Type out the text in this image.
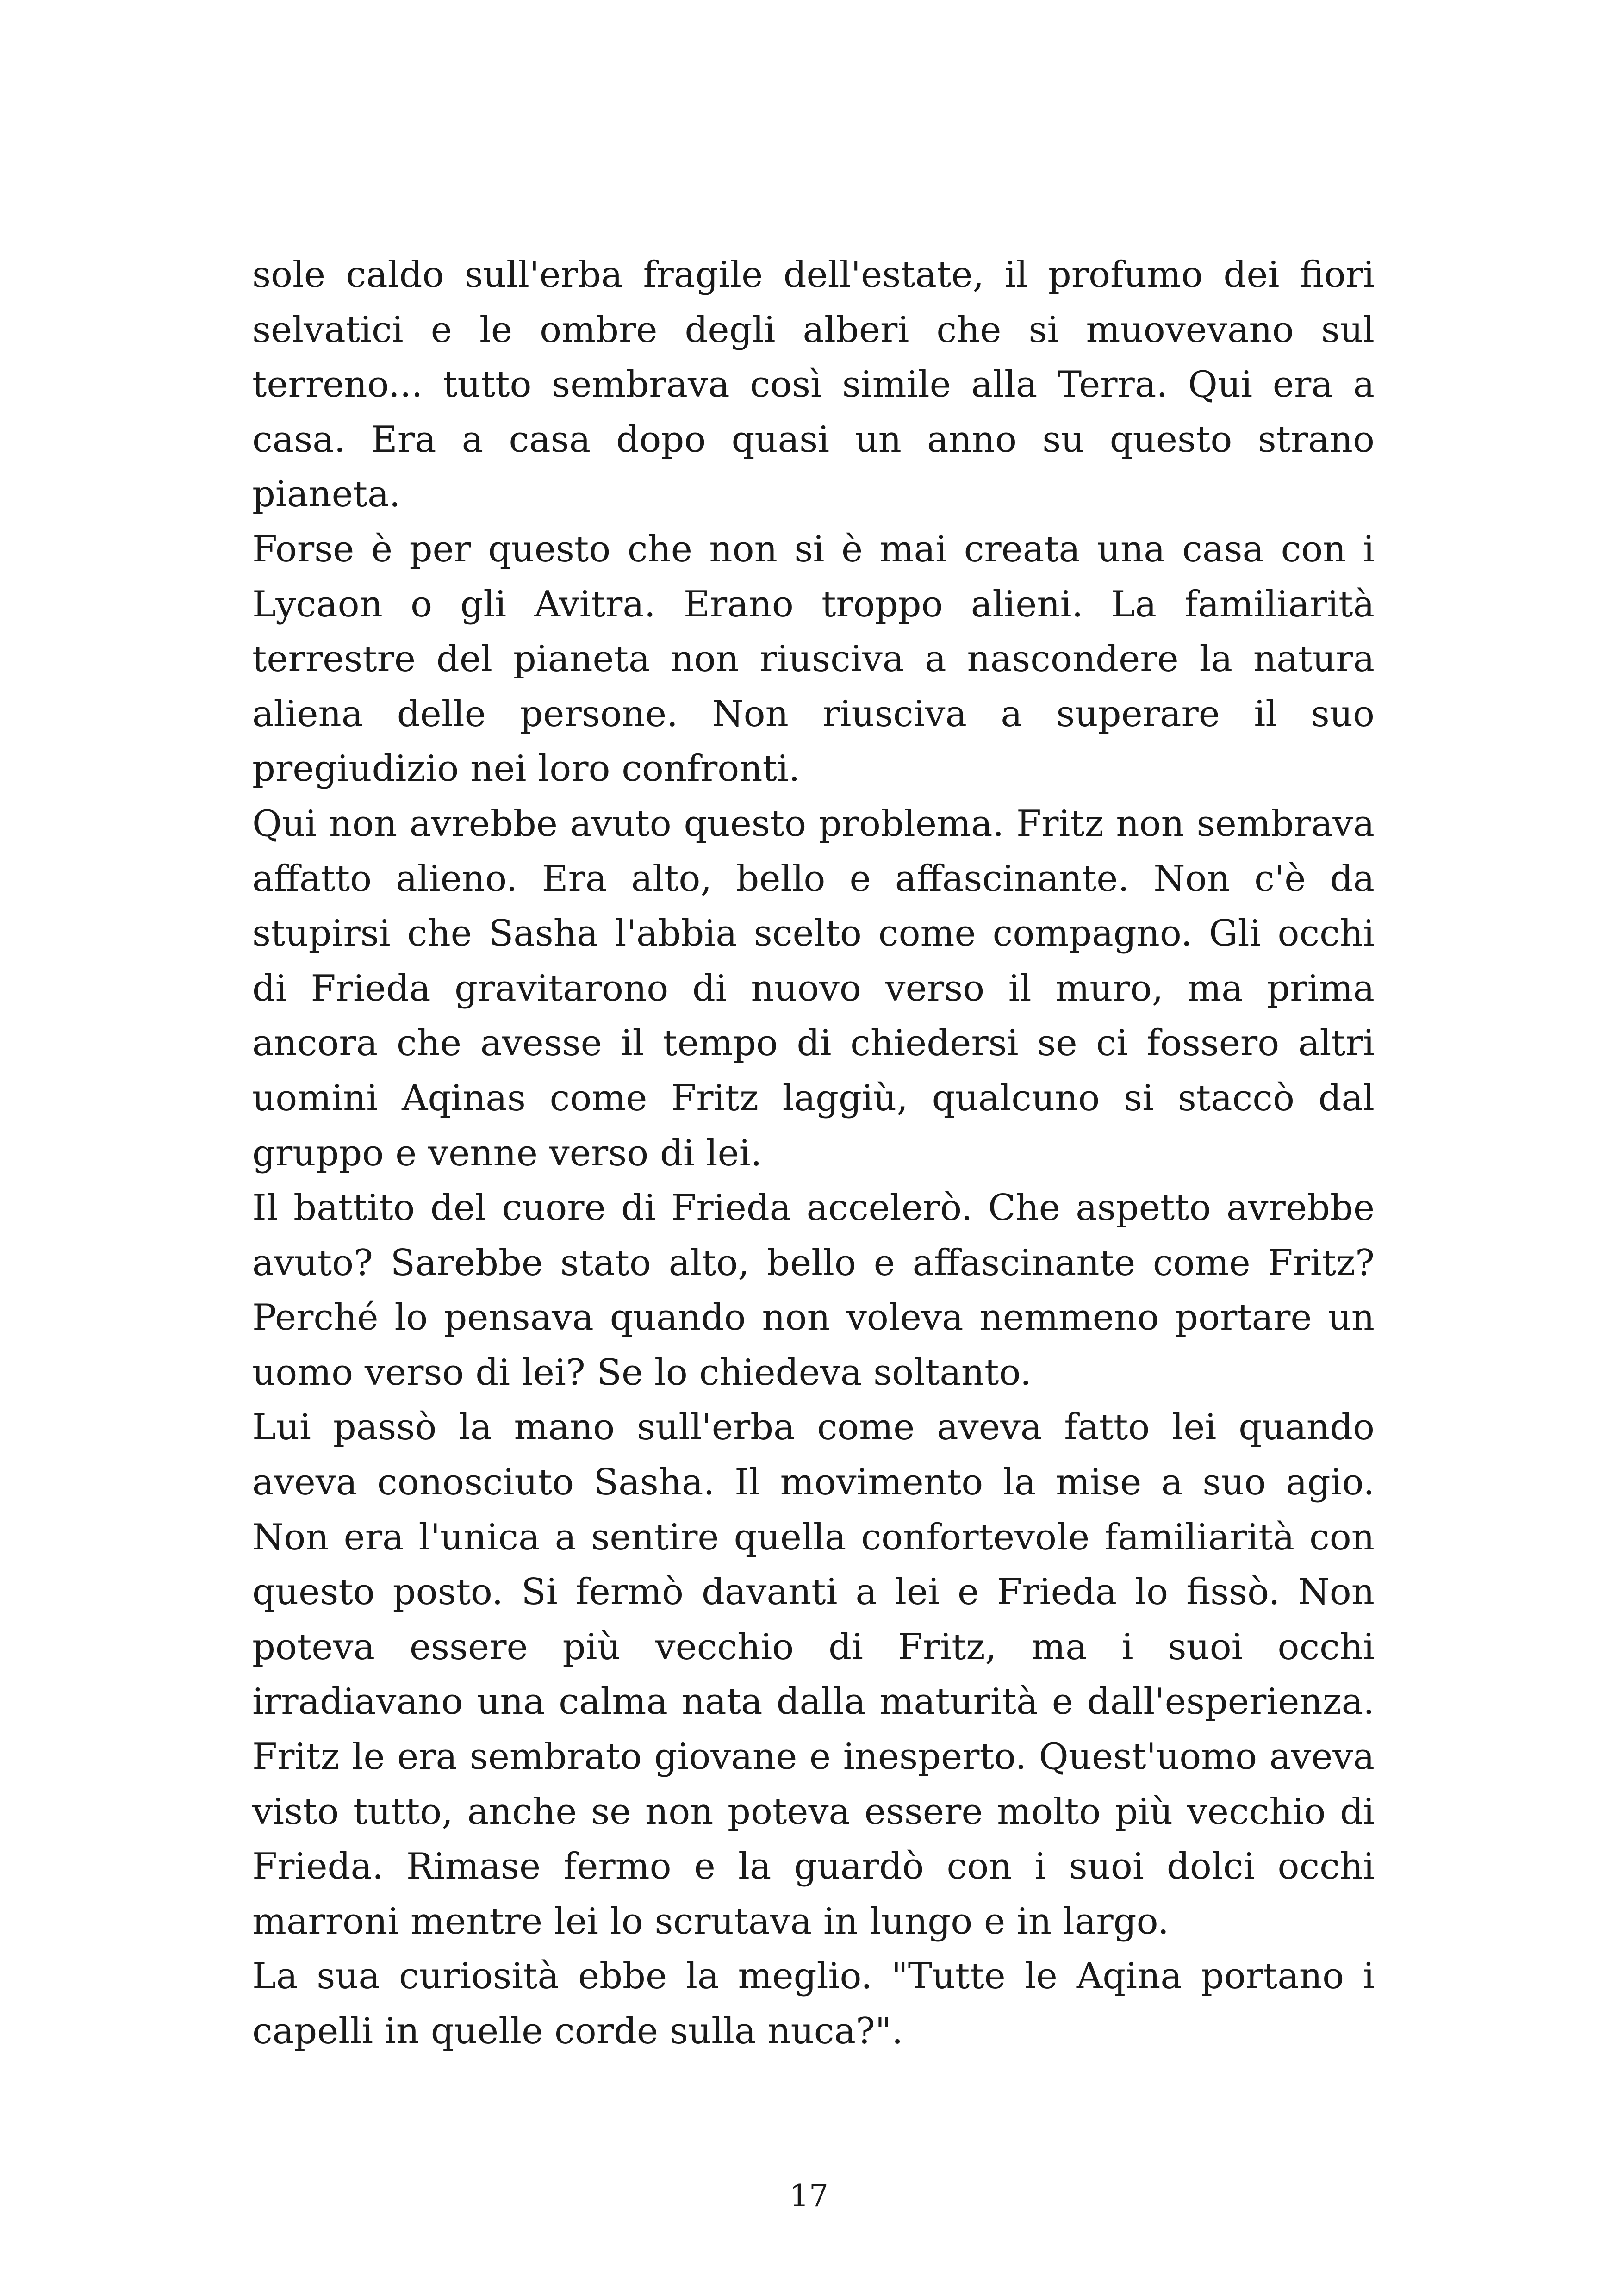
sole caldo sull'erba fragile dell'estate, il profumo dei fiori selvatici e le ombre degli alberi che si muovevano sul terreno... tutto sembrava così simile alla Terra. Qui era a casa. Era a casa dopo quasi un anno su questo strano pianeta.

Forse è per questo che non si è mai creata una casa con i Lycaon o gli Avitra. Erano troppo alieni. La familiarità terrestre del pianeta non riusciva a nascondere la natura aliena delle persone. Non riusciva a superare il suo pregiudizio nei loro confronti.

Qui non avrebbe avuto questo problema. Fritz non sembrava affatto alieno. Era alto, bello e affascinante. Non c'è da stupirsi che Sasha l'abbia scelto come compagno. Gli occhi di Frieda gravitarono di nuovo verso il muro, ma prima ancora che avesse il tempo di chiedersi se ci fossero altri uomini Aqinas come Fritz laggiù, qualcuno si staccò dal gruppo e venne verso di lei.

Il battito del cuore di Frieda accelerò. Che aspetto avrebbe avuto? Sarebbe stato alto, bello e affascinante come Fritz? Perché lo pensava quando non voleva nemmeno portare un uomo verso di lei? Se lo chiedeva soltanto.

Lui passò la mano sull'erba come aveva fatto lei quando aveva conosciuto Sasha. Il movimento la mise a suo agio. Non era l'unica a sentire quella confortevole familiarità con questo posto. Si fermò davanti a lei e Frieda lo fissò. Non poteva essere più vecchio di Fritz, ma i suoi occhi irradiavano una calma nata dalla maturità e dall'esperienza. Fritz le era sembrato giovane e inesperto. Quest'uomo aveva visto tutto, anche se non poteva essere molto più vecchio di Frieda. Rimase fermo e la guardò con i suoi dolci occhi marroni mentre lei lo scrutava in lungo e in largo.

La sua curiosità ebbe la meglio. "Tutte le Aqina portano i capelli in quelle corde sulla nuca?".

17
